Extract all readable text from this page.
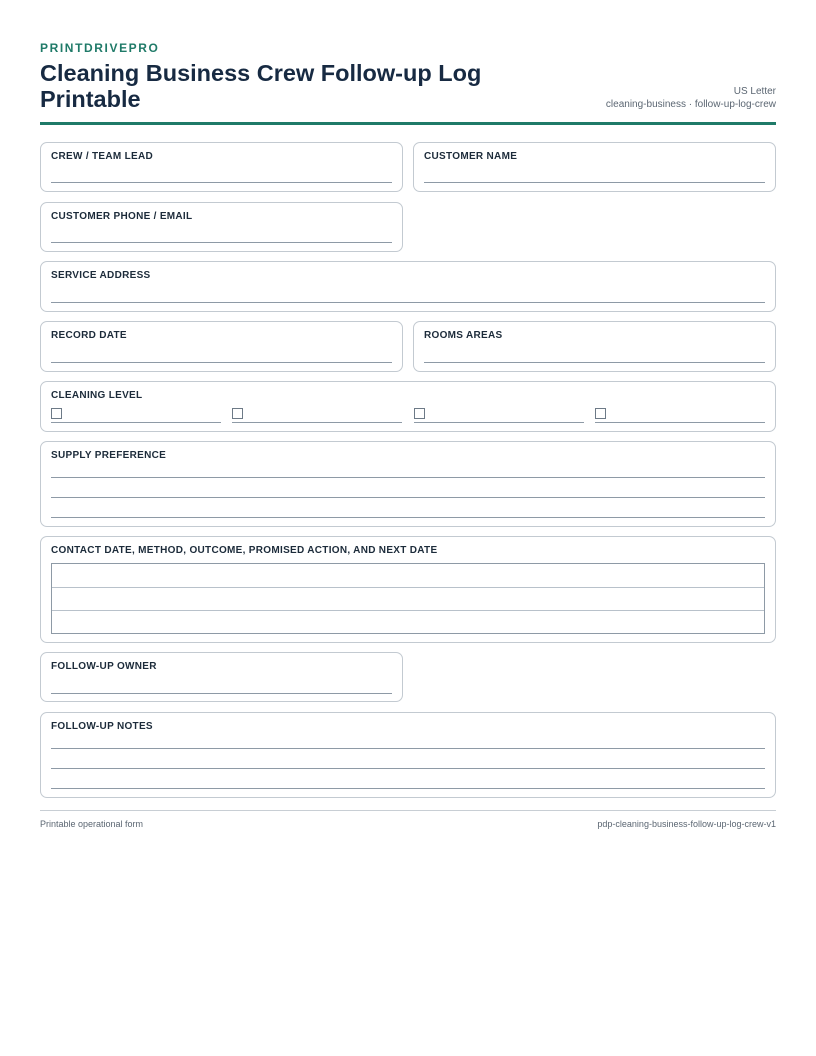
PRINTDRIVEPRO
Cleaning Business Crew Follow-up Log Printable	US Letter
cleaning-business · follow-up-log-crew
CREW / TEAM LEAD	CUSTOMER NAME
CUSTOMER PHONE / EMAIL
SERVICE ADDRESS
RECORD DATE	ROOMS AREAS
CLEANING LEVEL
SUPPLY PREFERENCE
CONTACT DATE, METHOD, OUTCOME, PROMISED ACTION, AND NEXT DATE
FOLLOW-UP OWNER
FOLLOW-UP NOTES
Printable operational form	pdp-cleaning-business-follow-up-log-crew-v1
